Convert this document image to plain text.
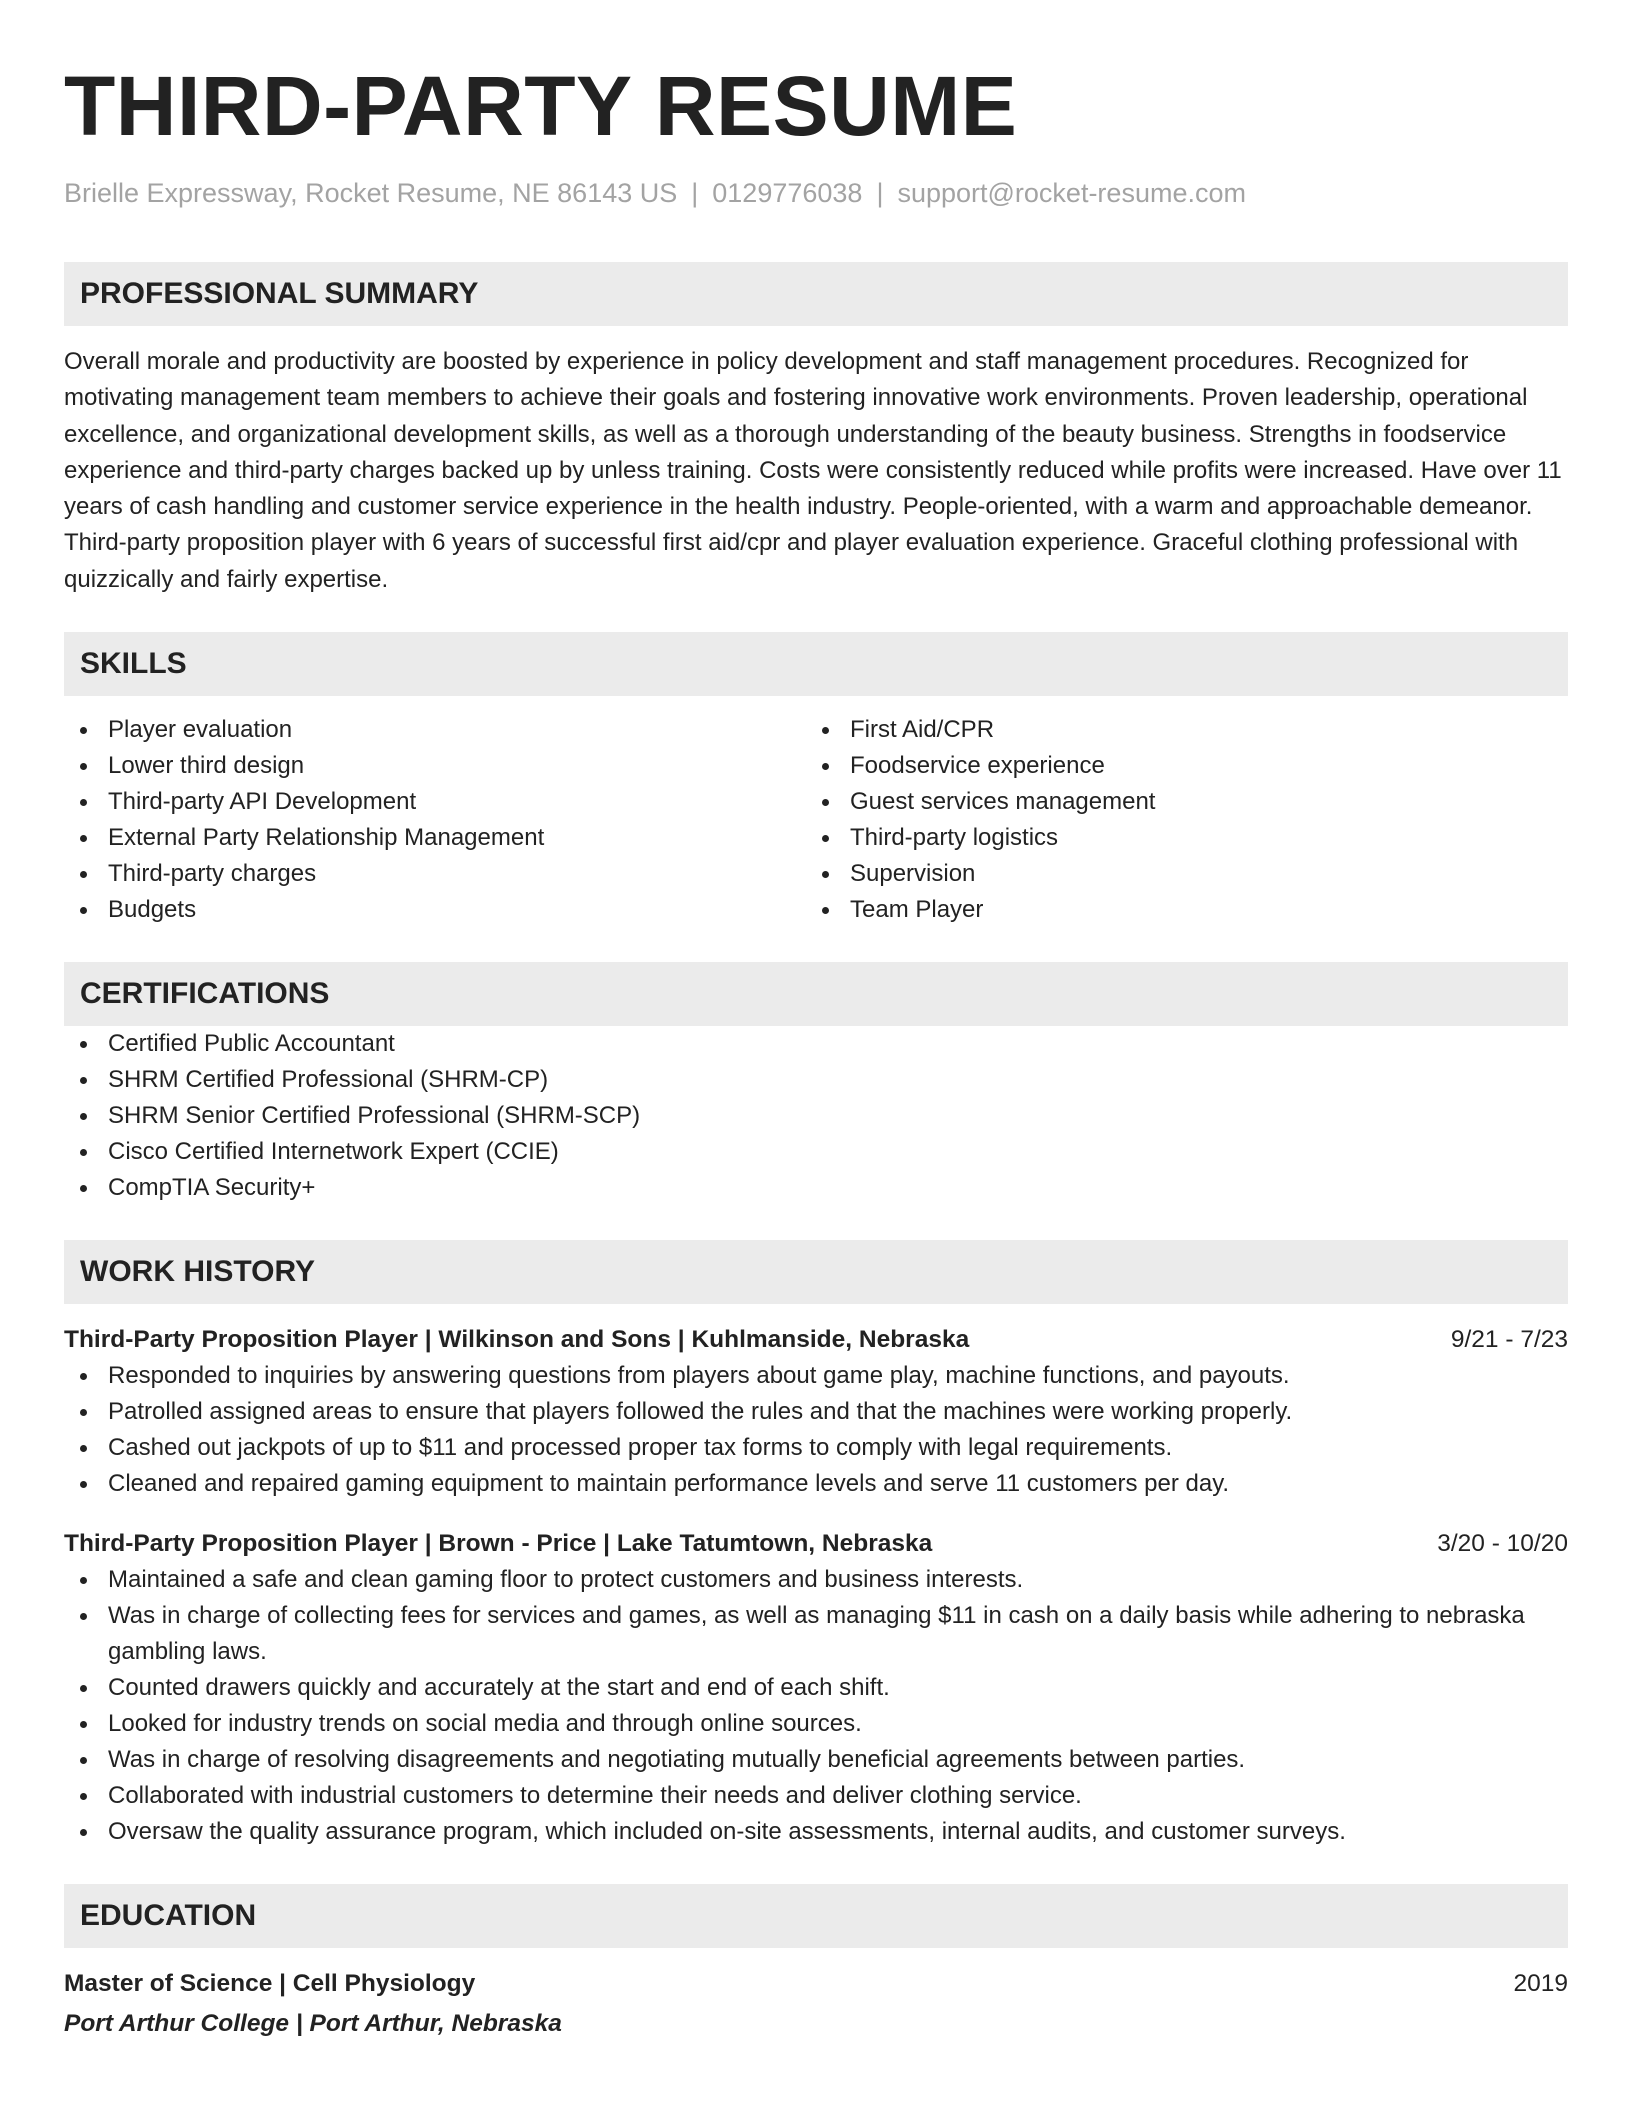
THIRD-PARTY RESUME
Brielle Expressway, Rocket Resume, NE 86143 US | 0129776038 | support@rocket-resume.com
PROFESSIONAL SUMMARY
Overall morale and productivity are boosted by experience in policy development and staff management procedures. Recognized for motivating management team members to achieve their goals and fostering innovative work environments. Proven leadership, operational excellence, and organizational development skills, as well as a thorough understanding of the beauty business. Strengths in foodservice experience and third-party charges backed up by unless training. Costs were consistently reduced while profits were increased. Have over 11 years of cash handling and customer service experience in the health industry. People-oriented, with a warm and approachable demeanor. Third-party proposition player with 6 years of successful first aid/cpr and player evaluation experience. Graceful clothing professional with quizzically and fairly expertise.
SKILLS
Player evaluation
Lower third design
Third-party API Development
External Party Relationship Management
Third-party charges
Budgets
First Aid/CPR
Foodservice experience
Guest services management
Third-party logistics
Supervision
Team Player
CERTIFICATIONS
Certified Public Accountant
SHRM Certified Professional (SHRM-CP)
SHRM Senior Certified Professional (SHRM-SCP)
Cisco Certified Internetwork Expert (CCIE)
CompTIA Security+
WORK HISTORY
Third-Party Proposition Player | Wilkinson and Sons | Kuhlmanside, Nebraska	9/21 - 7/23
Responded to inquiries by answering questions from players about game play, machine functions, and payouts.
Patrolled assigned areas to ensure that players followed the rules and that the machines were working properly.
Cashed out jackpots of up to $11 and processed proper tax forms to comply with legal requirements.
Cleaned and repaired gaming equipment to maintain performance levels and serve 11 customers per day.
Third-Party Proposition Player | Brown - Price | Lake Tatumtown, Nebraska	3/20 - 10/20
Maintained a safe and clean gaming floor to protect customers and business interests.
Was in charge of collecting fees for services and games, as well as managing $11 in cash on a daily basis while adhering to nebraska gambling laws.
Counted drawers quickly and accurately at the start and end of each shift.
Looked for industry trends on social media and through online sources.
Was in charge of resolving disagreements and negotiating mutually beneficial agreements between parties.
Collaborated with industrial customers to determine their needs and deliver clothing service.
Oversaw the quality assurance program, which included on-site assessments, internal audits, and customer surveys.
EDUCATION
Master of Science | Cell Physiology	2019
Port Arthur College | Port Arthur, Nebraska
